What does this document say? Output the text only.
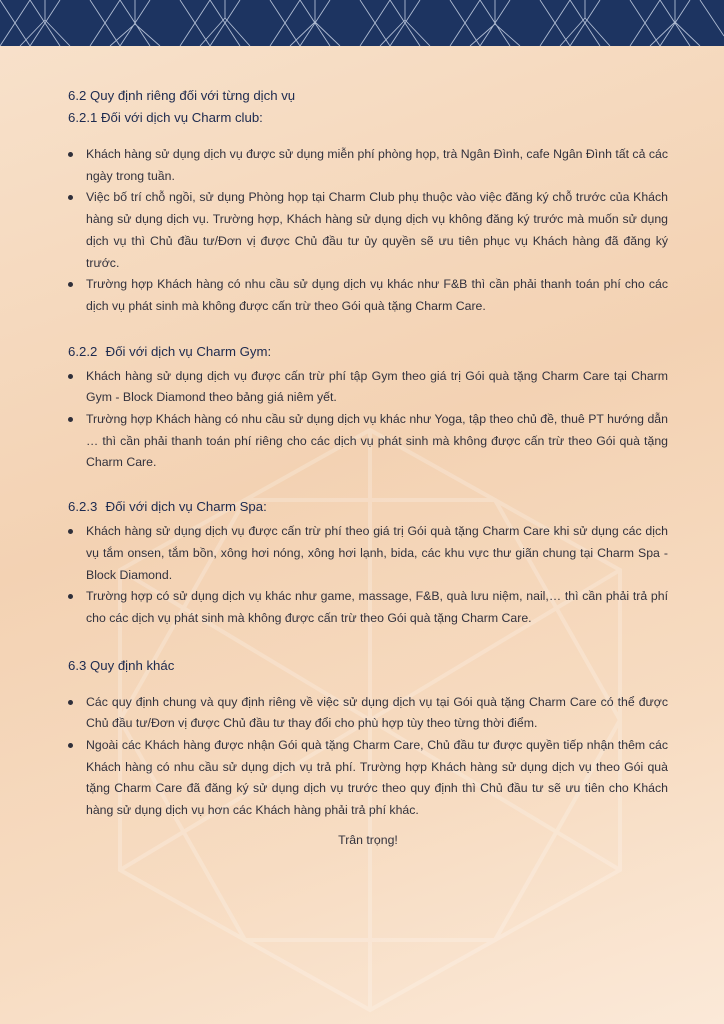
6.2 Quy định riêng đối với từng dịch vụ

6.2.1 Đối với dịch vụ Charm club:

Khách hàng sử dụng dịch vụ được sử dụng miễn phí phòng họp, trà Ngân Đình, cafe Ngân Đình tất cả các ngày trong tuần.
Việc bố trí chỗ ngồi, sử dụng Phòng họp tại Charm Club phụ thuộc vào việc đăng ký chỗ trước của Khách hàng sử dụng dịch vụ. Trường hợp, Khách hàng sử dụng dịch vụ không đăng ký trước mà muốn sử dụng dịch vụ thì Chủ đầu tư/Đơn vị được Chủ đầu tư ủy quyền sẽ ưu tiên phục vụ Khách hàng đã đăng ký trước.
Trường hợp Khách hàng có nhu cầu sử dụng dịch vụ khác như F&B thì cần phải thanh toán phí cho các dịch vụ phát sinh mà không được cấn trừ theo Gói quà tặng Charm Care.

6.2.2 Đối với dịch vụ Charm Gym:

Khách hàng sử dụng dịch vụ được cấn trừ phí tập Gym theo giá trị Gói quà tặng Charm Care tại Charm Gym - Block Diamond theo bảng giá niêm yết.
Trường hợp Khách hàng có nhu cầu sử dụng dịch vụ khác như Yoga, tập theo chủ đề, thuê PT hướng dẫn … thì cần phải thanh toán phí riêng cho các dịch vụ phát sinh mà không được cấn trừ theo Gói quà tặng Charm Care.

6.2.3 Đối với dịch vụ Charm Spa:

Khách hàng sử dụng dịch vụ được cấn trừ phí theo giá trị Gói quà tặng Charm Care khi sử dụng các dịch vụ tắm onsen, tắm bồn, xông hơi nóng, xông hơi lạnh, bida, các khu vực thư giãn chung tại Charm Spa - Block Diamond.
Trường hợp có sử dụng dịch vụ khác như game, massage, F&B, quà lưu niệm, nail,… thì cần phải trả phí cho các dịch vụ phát sinh mà không được cấn trừ theo Gói quà tặng Charm Care.

6.3 Quy định khác

Các quy định chung và quy định riêng về việc sử dụng dịch vụ tại Gói quà tặng Charm Care có thể được Chủ đầu tư/Đơn vị được Chủ đầu tư thay đổi cho phù hợp tùy theo từng thời điểm.
Ngoài các Khách hàng được nhận Gói quà tặng Charm Care, Chủ đầu tư được quyền tiếp nhận thêm các Khách hàng có nhu cầu sử dụng dịch vụ trả phí. Trường hợp Khách hàng sử dụng dịch vụ theo Gói quà tặng Charm Care đã đăng ký sử dụng dịch vụ trước theo quy định thì Chủ đầu tư sẽ ưu tiên cho Khách hàng sử dụng dịch vụ hơn các Khách hàng phải trả phí khác.

Trân trọng!
